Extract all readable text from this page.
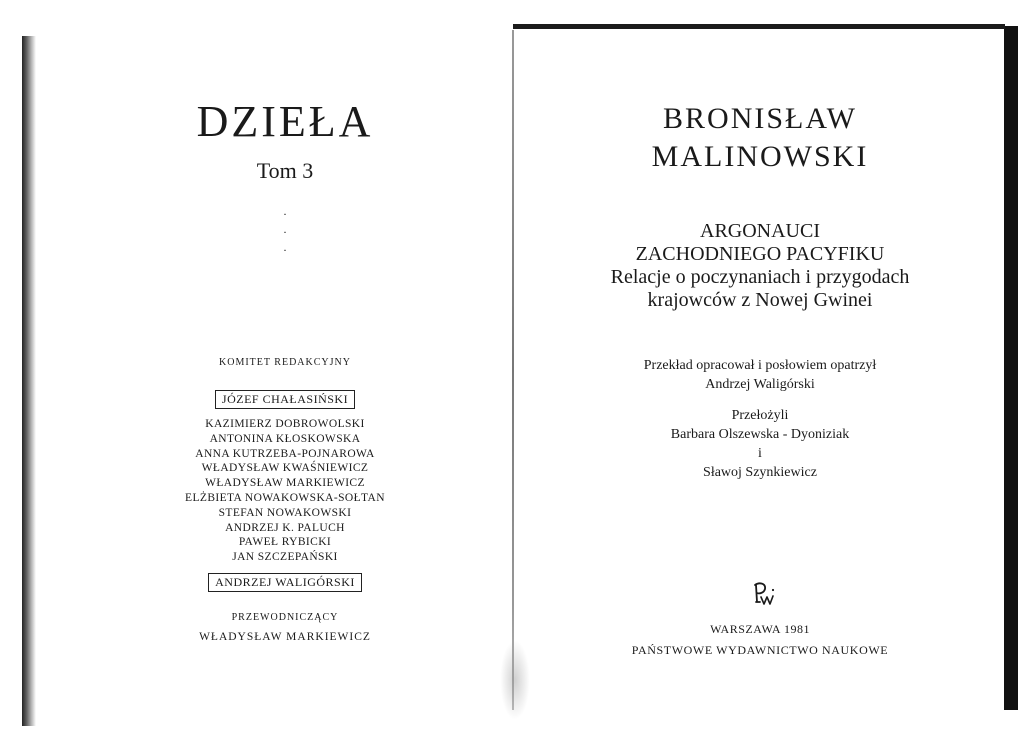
DZIEŁA
Tom 3
·
·
·
KOMITET REDAKCYJNY
JÓZEF CHAŁASIŃSKI
KAZIMIERZ DOBROWOLSKI
ANTONINA KŁOSKOWSKA
ANNA KUTRZEBA-POJNAROWA
WŁADYSŁAW KWAŚNIEWICZ
WŁADYSŁAW MARKIEWICZ
ELŻBIETA NOWAKOWSKA-SOŁTAN
STEFAN NOWAKOWSKI
ANDRZEJ K. PALUCH
PAWEŁ RYBICKI
JAN SZCZEPAŃSKI
ANDRZEJ WALIGÓRSKI
PRZEWODNICZĄCY
WŁADYSŁAW MARKIEWICZ
BRONISŁAW
MALINOWSKI
ARGONAUCI
ZACHODNIEGO PACYFIKU
Relacje o poczynaniach i przygodach
krajowców z Nowej Gwinei
Przekład opracował i posłowiem opatrzył
Andrzej Waligórski
Przełożyli
Barbara Olszewska - Dyoniziak
i
Sławoj Szynkiewicz
WARSZAWA 1981
PAŃSTWOWE WYDAWNICTWO NAUKOWE
